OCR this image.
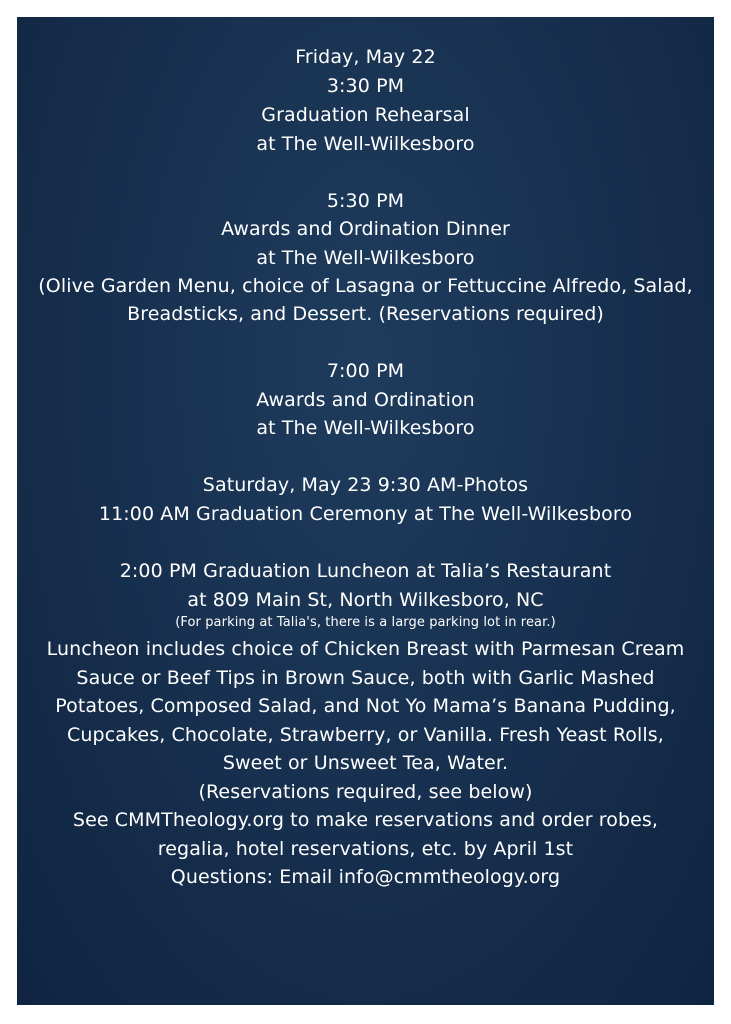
Friday, May 22
3:30 PM
Graduation Rehearsal
at The Well-Wilkesboro
5:30 PM
Awards and Ordination Dinner
at The Well-Wilkesboro
(Olive Garden Menu, choice of Lasagna or Fettuccine Alfredo, Salad,
Breadsticks, and Dessert. (Reservations required)
7:00 PM
Awards and Ordination
at The Well-Wilkesboro
Saturday, May 23 9:30 AM-Photos
11:00 AM Graduation Ceremony at The Well-Wilkesboro
2:00 PM Graduation Luncheon at Talia’s Restaurant
at 809 Main St, North Wilkesboro, NC
(For parking at Talia's, there is a large parking lot in rear.)
Luncheon includes choice of Chicken Breast with Parmesan Cream
Sauce or Beef Tips in Brown Sauce, both with Garlic Mashed
Potatoes, Composed Salad, and Not Yo Mama’s Banana Pudding,
Cupcakes, Chocolate, Strawberry, or Vanilla. Fresh Yeast Rolls,
Sweet or Unsweet Tea, Water.
(Reservations required, see below)
See CMMTheology.org to make reservations and order robes,
regalia, hotel reservations, etc. by April 1st
Questions: Email info@cmmtheology.org
